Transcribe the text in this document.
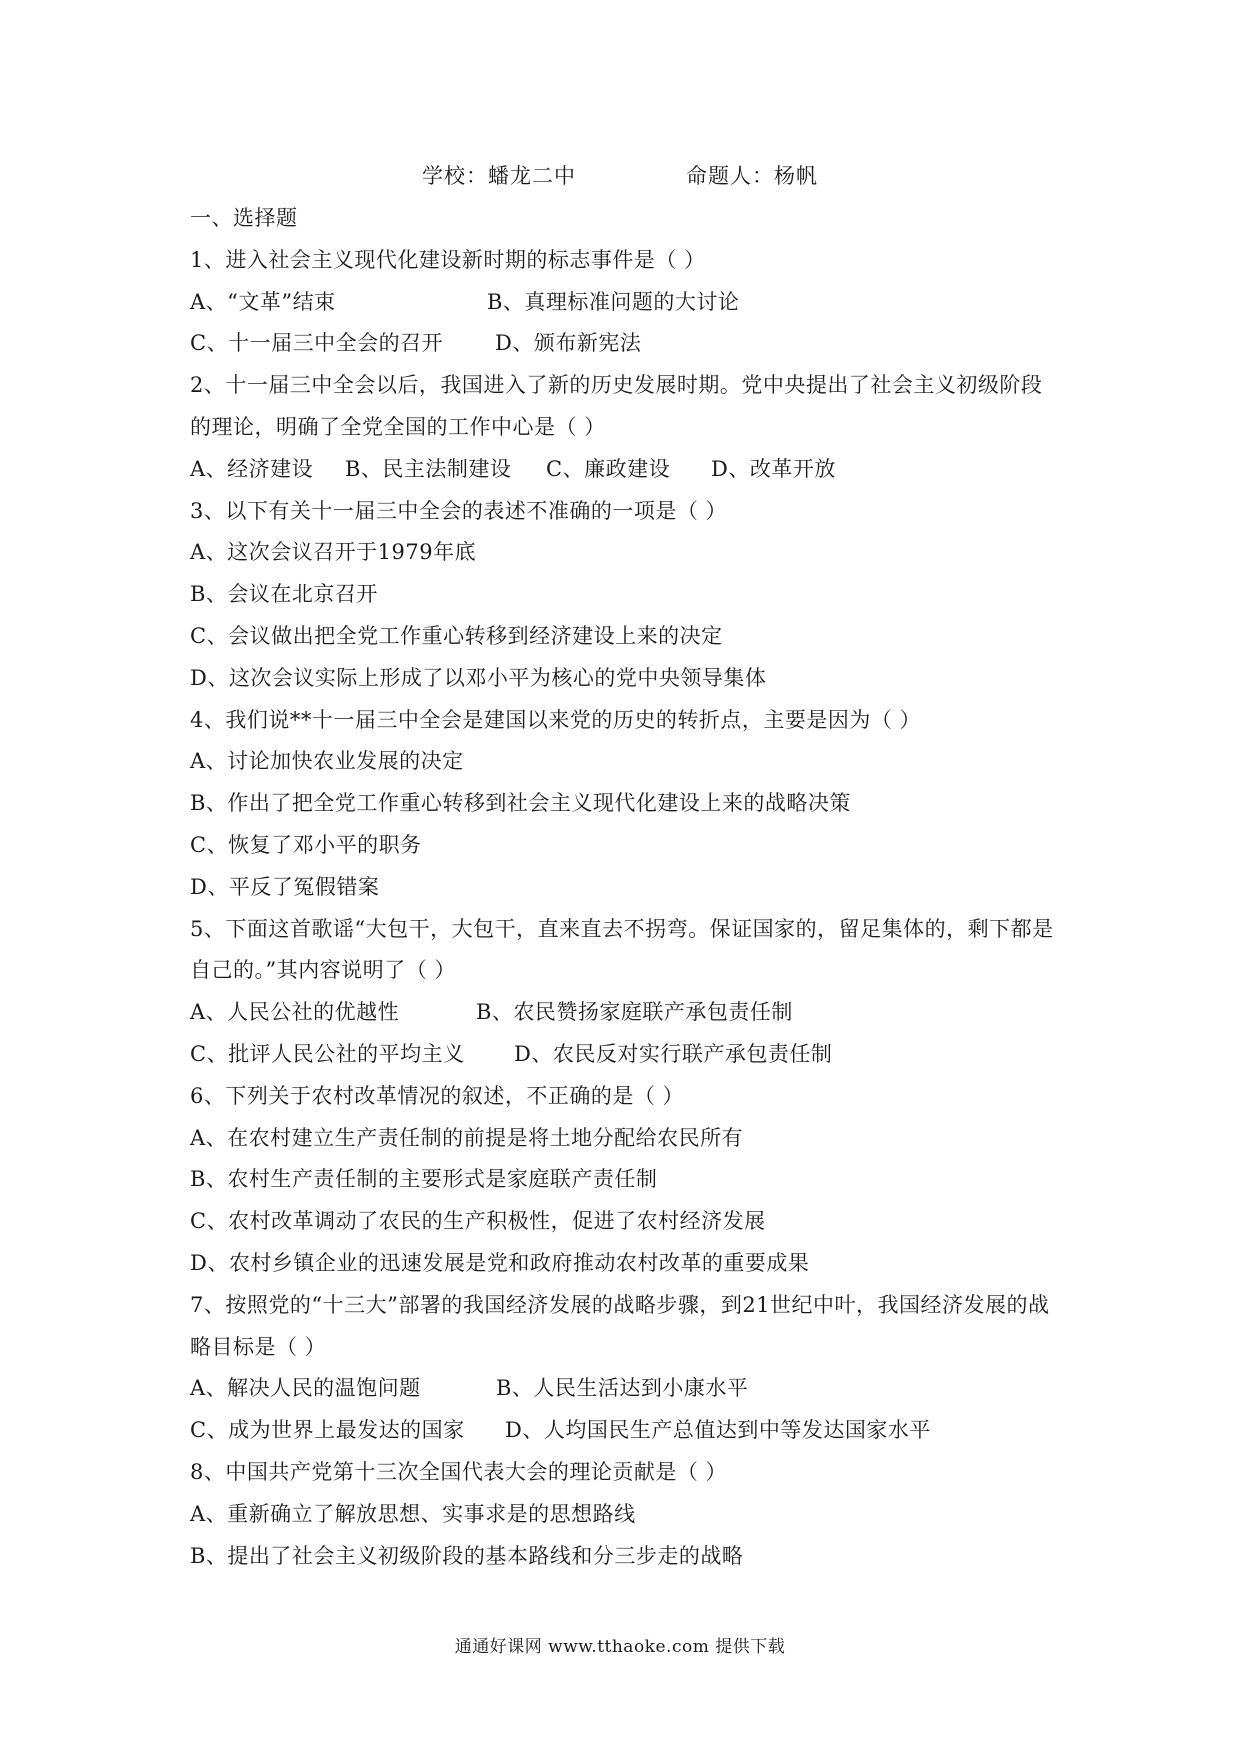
学校：蟠龙二中	命题人：杨帆
一、选择题
1、进入社会主义现代化建设新时期的标志事件是（ ）
A、“文革”结束	B、真理标准问题的大讨论
C、十一届三中全会的召开 D、颁布新宪法
2、十一届三中全会以后，我国进入了新的历史发展时期。党中央提出了社会主义初级阶段
的理论，明确了全党全国的工作中心是（ ）
A、经济建设 B、民主法制建设 C、廉政建设 D、改革开放
3、以下有关十一届三中全会的表述不准确的一项是（ ）
A、这次会议召开于1979年底
B、会议在北京召开
C、会议做出把全党工作重心转移到经济建设上来的决定
D、这次会议实际上形成了以邓小平为核心的党中央领导集体
4、我们说**十一届三中全会是建国以来党的历史的转折点，主要是因为（ ）
A、讨论加快农业发展的决定
B、作出了把全党工作重心转移到社会主义现代化建设上来的战略决策
C、恢复了邓小平的职务
D、平反了冤假错案
5、下面这首歌谣“大包干，大包干，直来直去不拐弯。保证国家的，留足集体的，剩下都是
自己的。”其内容说明了（ ）
A、人民公社的优越性	B、农民赞扬家庭联产承包责任制
C、批评人民公社的平均主义 D、农民反对实行联产承包责任制
6、下列关于农村改革情况的叙述，不正确的是（ ）
A、在农村建立生产责任制的前提是将土地分配给农民所有
B、农村生产责任制的主要形式是家庭联产责任制
C、农村改革调动了农民的生产积极性，促进了农村经济发展
D、农村乡镇企业的迅速发展是党和政府推动农村改革的重要成果
7、按照党的“十三大”部署的我国经济发展的战略步骤，到21世纪中叶，我国经济发展的战
略目标是（ ）
A、解决人民的温饱问题	B、人民生活达到小康水平
C、成为世界上最发达的国家 D、人均国民生产总值达到中等发达国家水平
8、中国共产党第十三次全国代表大会的理论贡献是（ ）
A、重新确立了解放思想、实事求是的思想路线
B、提出了社会主义初级阶段的基本路线和分三步走的战略
通通好课网 www.tthaoke.com 提供下载
